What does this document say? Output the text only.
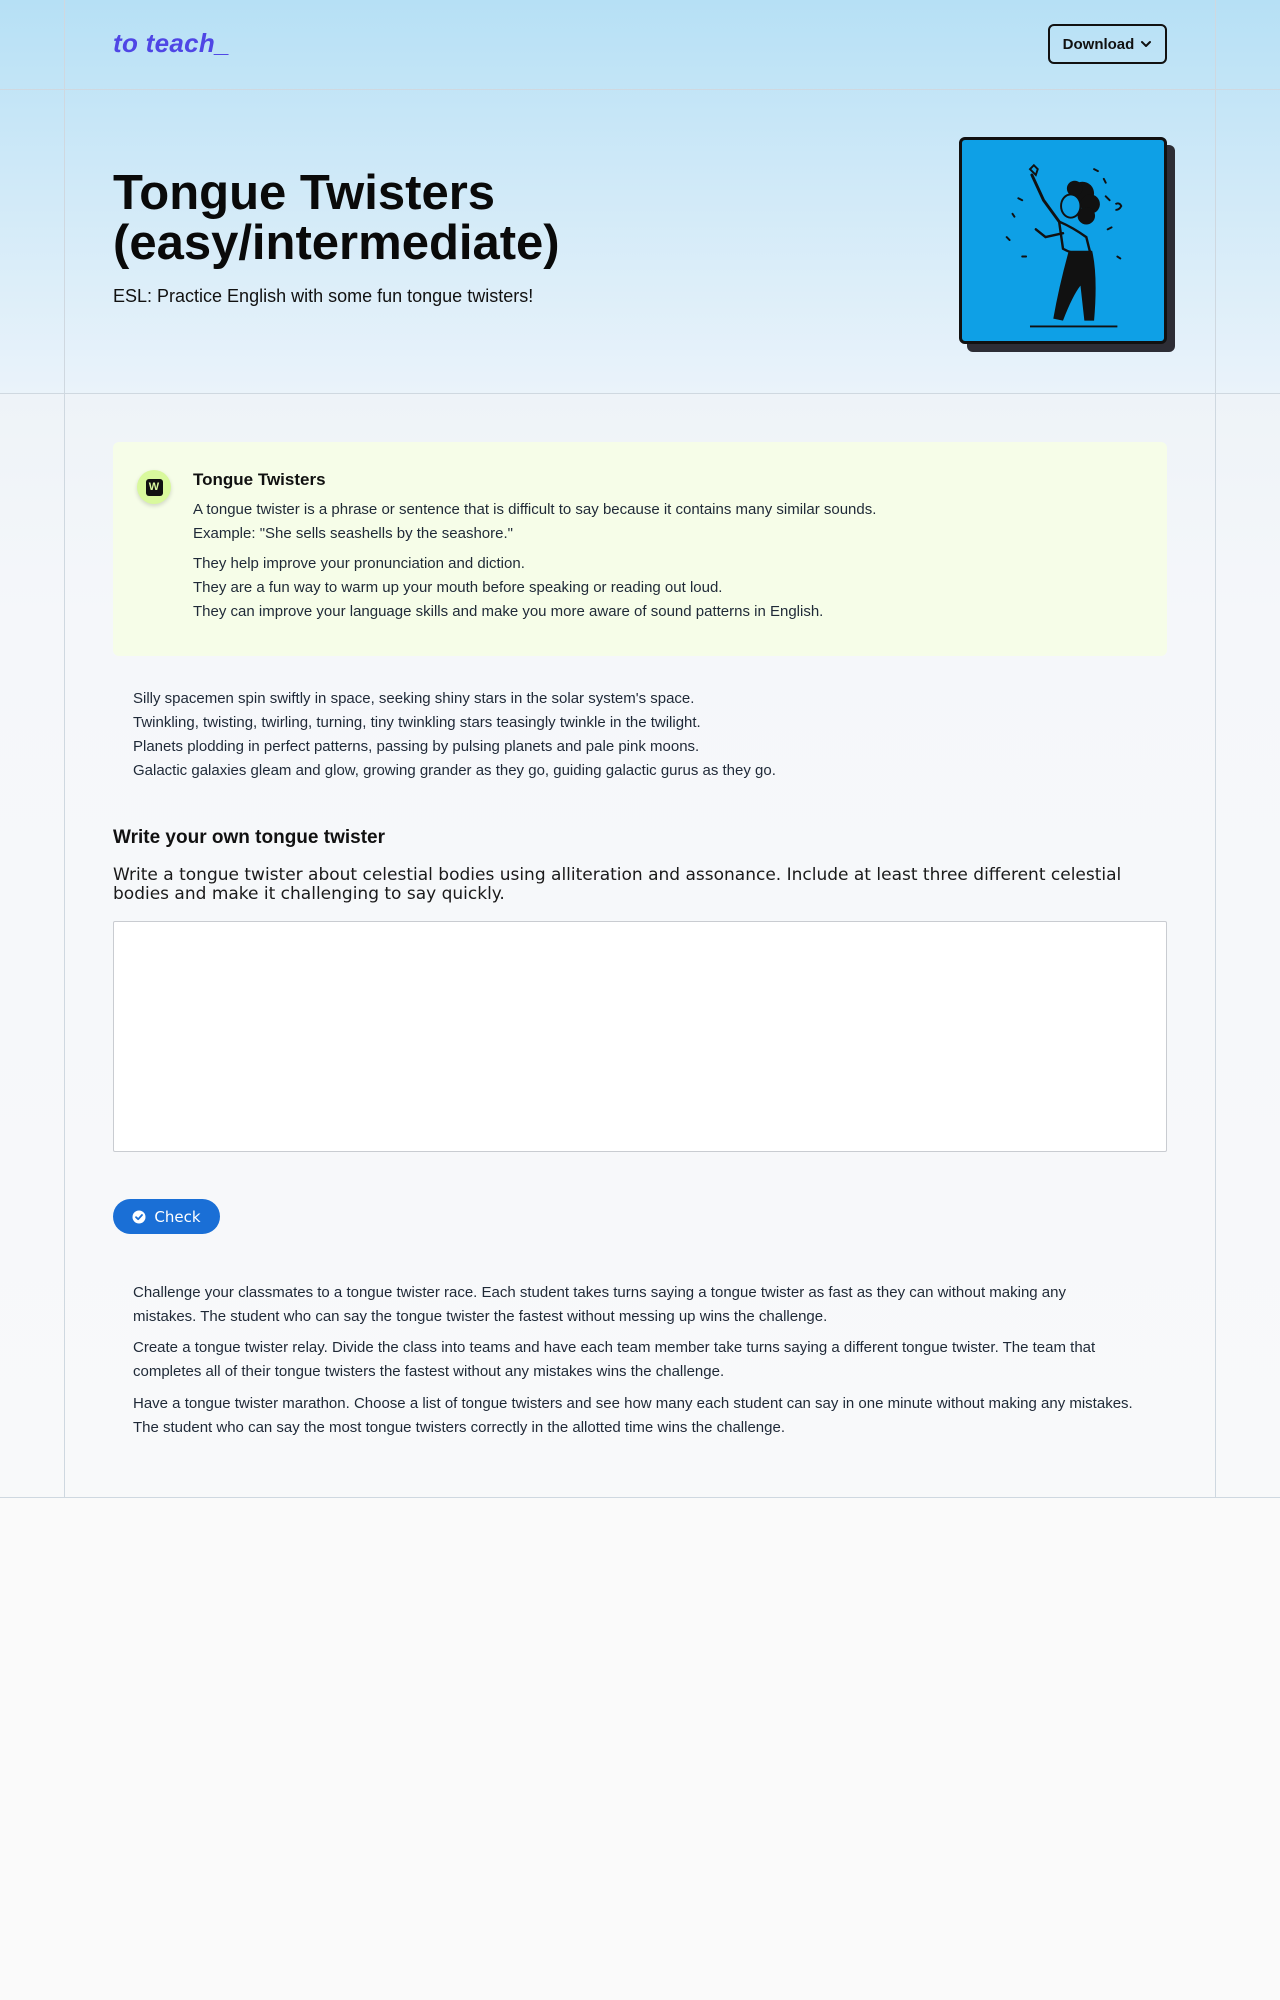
to teach_	Download
Tongue Twisters (easy/intermediate)

ESL: Practice English with some fun tongue twisters!

W Tongue Twisters
A tongue twister is a phrase or sentence that is difficult to say because it contains many similar sounds.
Example: "She sells seashells by the seashore."
They help improve your pronunciation and diction.
They are a fun way to warm up your mouth before speaking or reading out loud.
They can improve your language skills and make you more aware of sound patterns in English.
Silly spacemen spin swiftly in space, seeking shiny stars in the solar system's space.
Twinkling, twisting, twirling, turning, tiny twinkling stars teasingly twinkle in the twilight.
Planets plodding in perfect patterns, passing by pulsing planets and pale pink moons.
Galactic galaxies gleam and glow, growing grander as they go, guiding galactic gurus as they go.
Write your own tongue twister

Write a tongue twister about celestial bodies using alliteration and assonance. Include at least three different celestial bodies and make it challenging to say quickly.

Check

Challenge your classmates to a tongue twister race. Each student takes turns saying a tongue twister as fast as they can without making any mistakes. The student who can say the tongue twister the fastest without messing up wins the challenge.

Create a tongue twister relay. Divide the class into teams and have each team member take turns saying a different tongue twister. The team that completes all of their tongue twisters the fastest without any mistakes wins the challenge.

Have a tongue twister marathon. Choose a list of tongue twisters and see how many each student can say in one minute without making any mistakes. The student who can say the most tongue twisters correctly in the allotted time wins the challenge.
